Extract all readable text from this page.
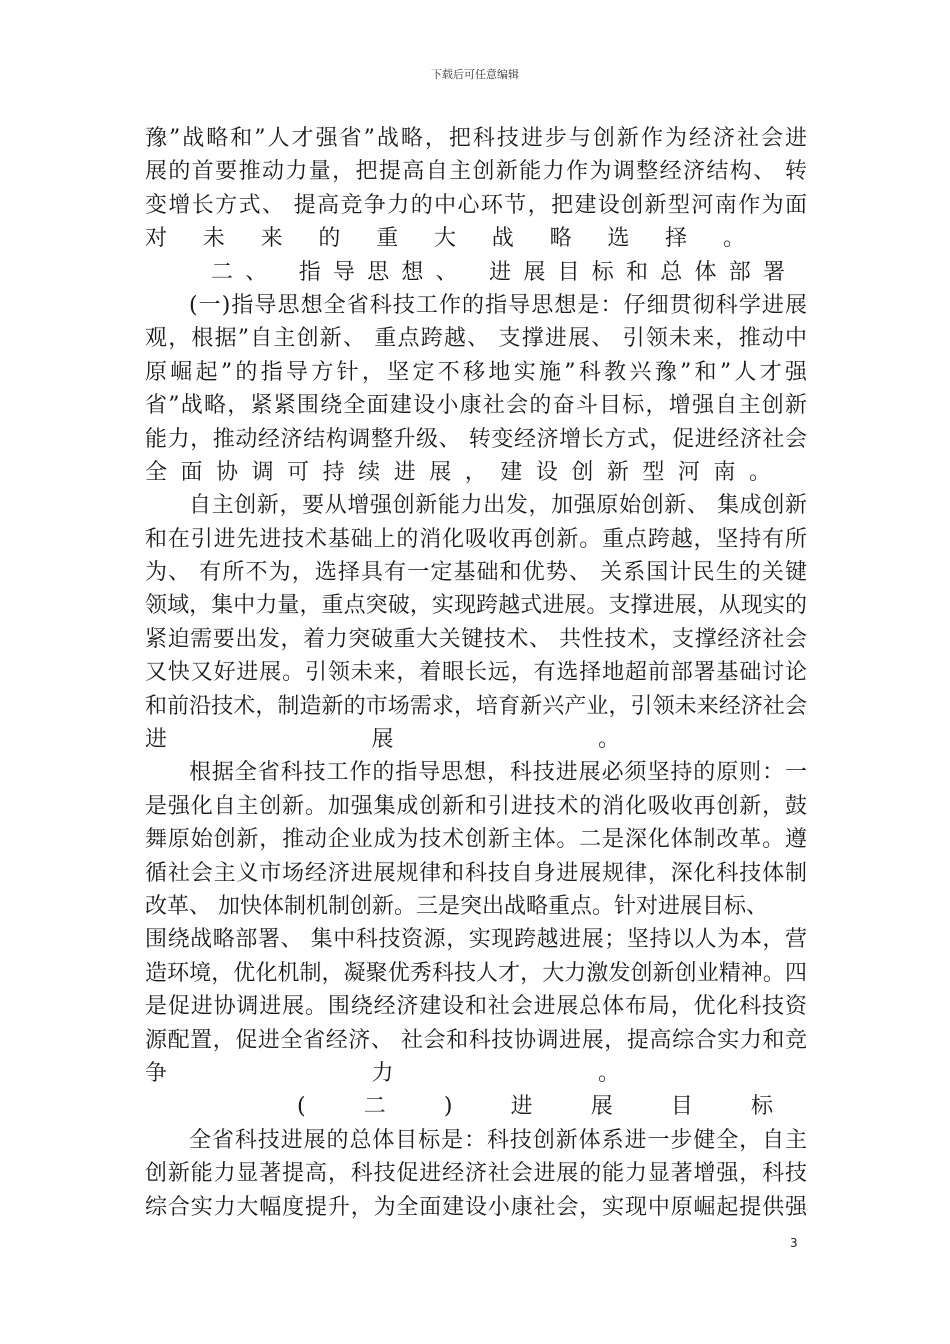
下载后可任意编辑
豫”战略和”人才强省”战略，把科技进步与创新作为经济社会进
展的首要推动力量，把提高自主创新能力作为调整经济结构、 转
变增长方式、 提高竞争力的中心环节，把建设创新型河南作为面
对未来的重大战略选择。
二、 指导思想、 进展目标和总体部署
(一)指导思想全省科技工作的指导思想是：仔细贯彻科学进展
观，根据”自主创新、 重点跨越、 支撑进展、 引领未来，推动中
原崛起”的指导方针，坚定不移地实施”科教兴豫”和”人才强
省”战略，紧紧围绕全面建设小康社会的奋斗目标，增强自主创新
能力，推动经济结构调整升级、 转变经济增长方式，促进经济社会
全面协调可持续进展，建设创新型河南。
自主创新，要从增强创新能力出发，加强原始创新、 集成创新
和在引进先进技术基础上的消化吸收再创新。重点跨越，坚持有所
为、 有所不为，选择具有一定基础和优势、 关系国计民生的关键
领域，集中力量，重点突破，实现跨越式进展。支撑进展，从现实的
紧迫需要出发，着力突破重大关键技术、 共性技术，支撑经济社会
又快又好进展。引领未来，着眼长远，有选择地超前部署基础讨论
和前沿技术，制造新的市场需求，培育新兴产业，引领未来经济社会
进展。
根据全省科技工作的指导思想，科技进展必须坚持的原则：一
是强化自主创新。加强集成创新和引进技术的消化吸收再创新，鼓
舞原始创新，推动企业成为技术创新主体。二是深化体制改革。遵
循社会主义市场经济进展规律和科技自身进展规律，深化科技体制
改革、 加快体制机制创新。三是突出战略重点。针对进展目标、
围绕战略部署、 集中科技资源，实现跨越进展；坚持以人为本，营
造环境，优化机制，凝聚优秀科技人才，大力激发创新创业精神。四
是促进协调进展。围绕经济建设和社会进展总体布局，优化科技资
源配置，促进全省经济、 社会和科技协调进展，提高综合实力和竞
争力。
(二)进展目标
全省科技进展的总体目标是：科技创新体系进一步健全，自主
创新能力显著提高，科技促进经济社会进展的能力显著增强，科技
综合实力大幅度提升，为全面建设小康社会，实现中原崛起提供强
3
